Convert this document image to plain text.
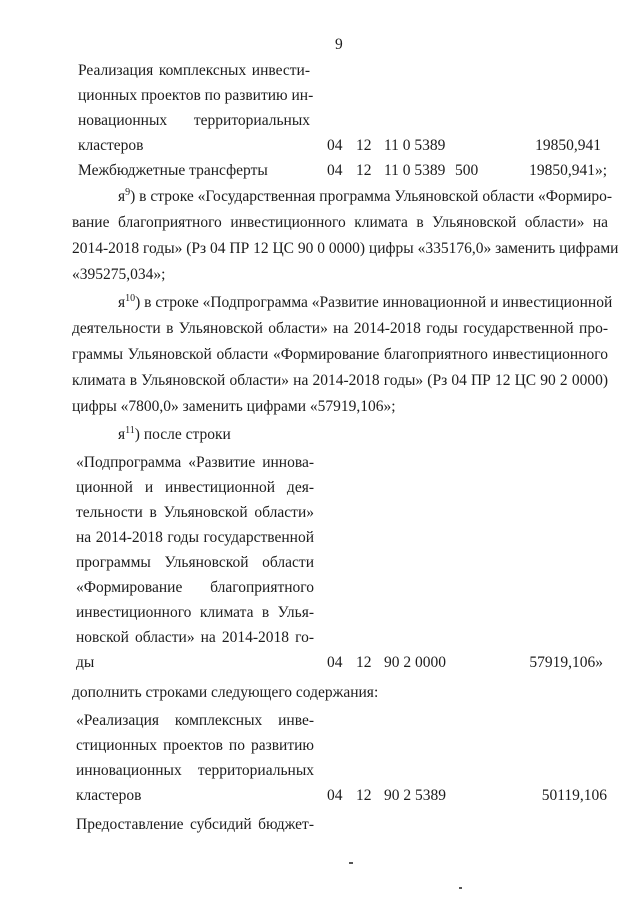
9
Реализация комплексных инвести-
ционных проектов по развитию ин-
новационных территориальных
кластеров	04 12 11 0 5389	19850,941
Межбюджетные трансферты	04 12 11 0 5389 500	19850,941»;
$я^9$) в строке «Государственная программа Ульяновской области «Формиро-
вание благоприятного инвестиционного климата в Ульяновской области» на
2014-2018 годы» (Рз 04 ПР 12 ЦС 90 0 0000) цифры «335176,0» заменить цифрами
«395275,034»;
$я^{10}$) в строке «Подпрограмма «Развитие инновационной и инвестиционной
деятельности в Ульяновской области» на 2014-2018 годы государственной про-
граммы Ульяновской области «Формирование благоприятного инвестиционного
климата в Ульяновской области» на 2014-2018 годы» (Рз 04 ПР 12 ЦС 90 2 0000)
цифры «7800,0» заменить цифрами «57919,106»;
$я^{11}$) после строки
«Подпрограмма «Развитие иннова-
ционной и инвестиционной дея-
тельности в Ульяновской области»
на 2014-2018 годы государственной
программы Ульяновской области
«Формирование благоприятного
инвестиционного климата в Улья-
новской области» на 2014-2018 го-
ды	04 12 90 2 0000	57919,106»
дополнить строками следующего содержания:
«Реализация комплексных инве-
стиционных проектов по развитию
инновационных территориальных
кластеров	04 12 90 2 5389	50119,106
Предоставление субсидий бюджет-
